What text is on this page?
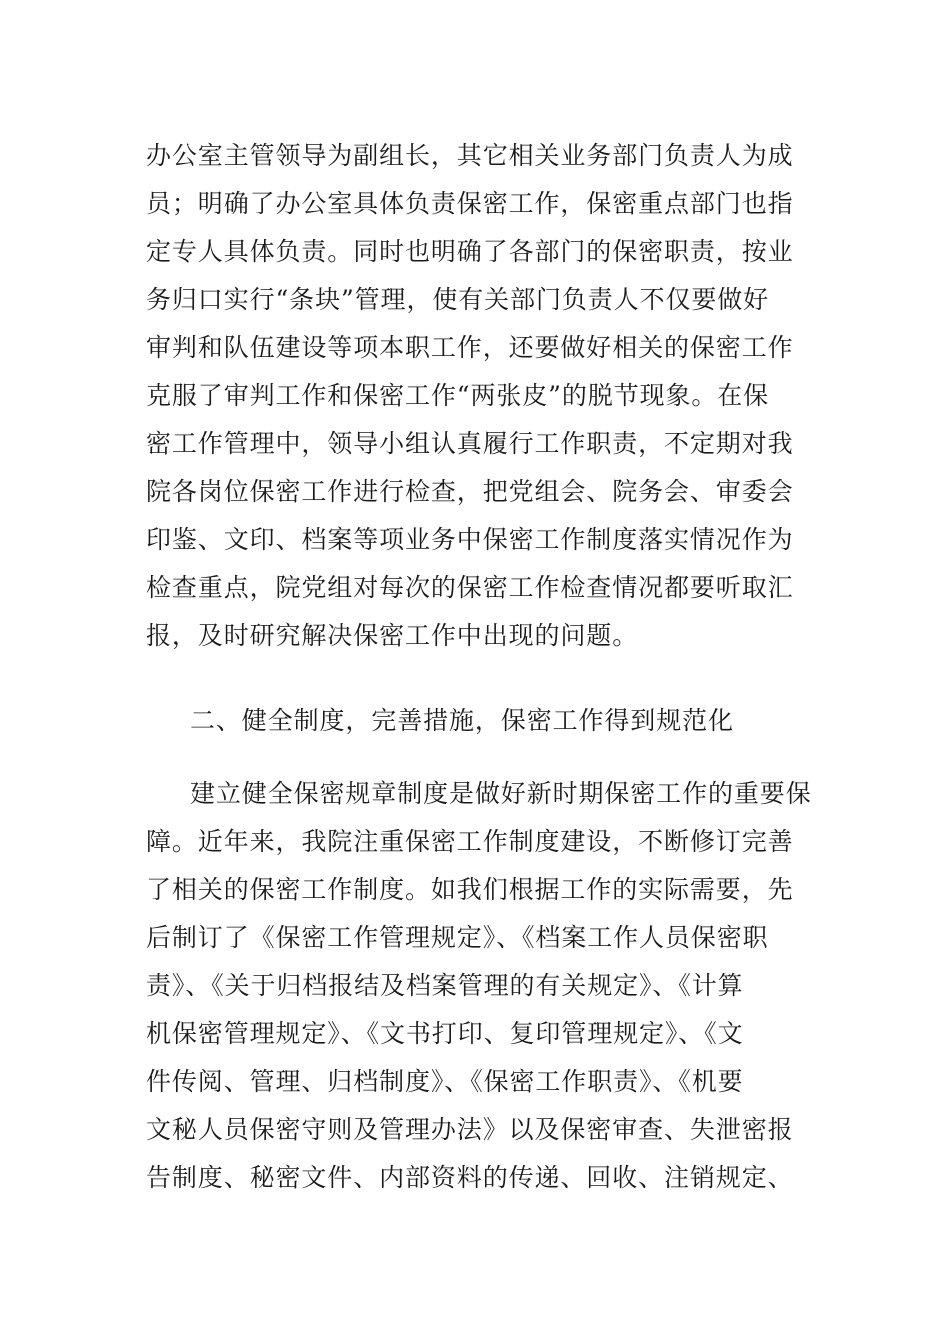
办公室主管领导为副组长，其它相关业务部门负责人为成
员；明确了办公室具体负责保密工作，保密重点部门也指
定专人具体负责。同时也明确了各部门的保密职责，按业
务归口实行“条块”管理，使有关部门负责人不仅要做好
审判和队伍建设等项本职工作，还要做好相关的保密工作
克服了审判工作和保密工作“两张皮”的脱节现象。在保
密工作管理中，领导小组认真履行工作职责，不定期对我
院各岗位保密工作进行检查，把党组会、院务会、审委会
印鉴、文印、档案等项业务中保密工作制度落实情况作为
检查重点，院党组对每次的保密工作检查情况都要听取汇
报，及时研究解决保密工作中出现的问题。
二、健全制度，完善措施，保密工作得到规范化
建立健全保密规章制度是做好新时期保密工作的重要保
障。近年来，我院注重保密工作制度建设，不断修订完善
了相关的保密工作制度。如我们根据工作的实际需要，先
后制订了《保密工作管理规定》、《档案工作人员保密职
责》、《关于归档报结及档案管理的有关规定》、《计算
机保密管理规定》、《文书打印、复印管理规定》、《文
件传阅、管理、归档制度》、《保密工作职责》、《机要
文秘人员保密守则及管理办法》以及保密审查、失泄密报
告制度、秘密文件、内部资料的传递、回收、注销规定、
